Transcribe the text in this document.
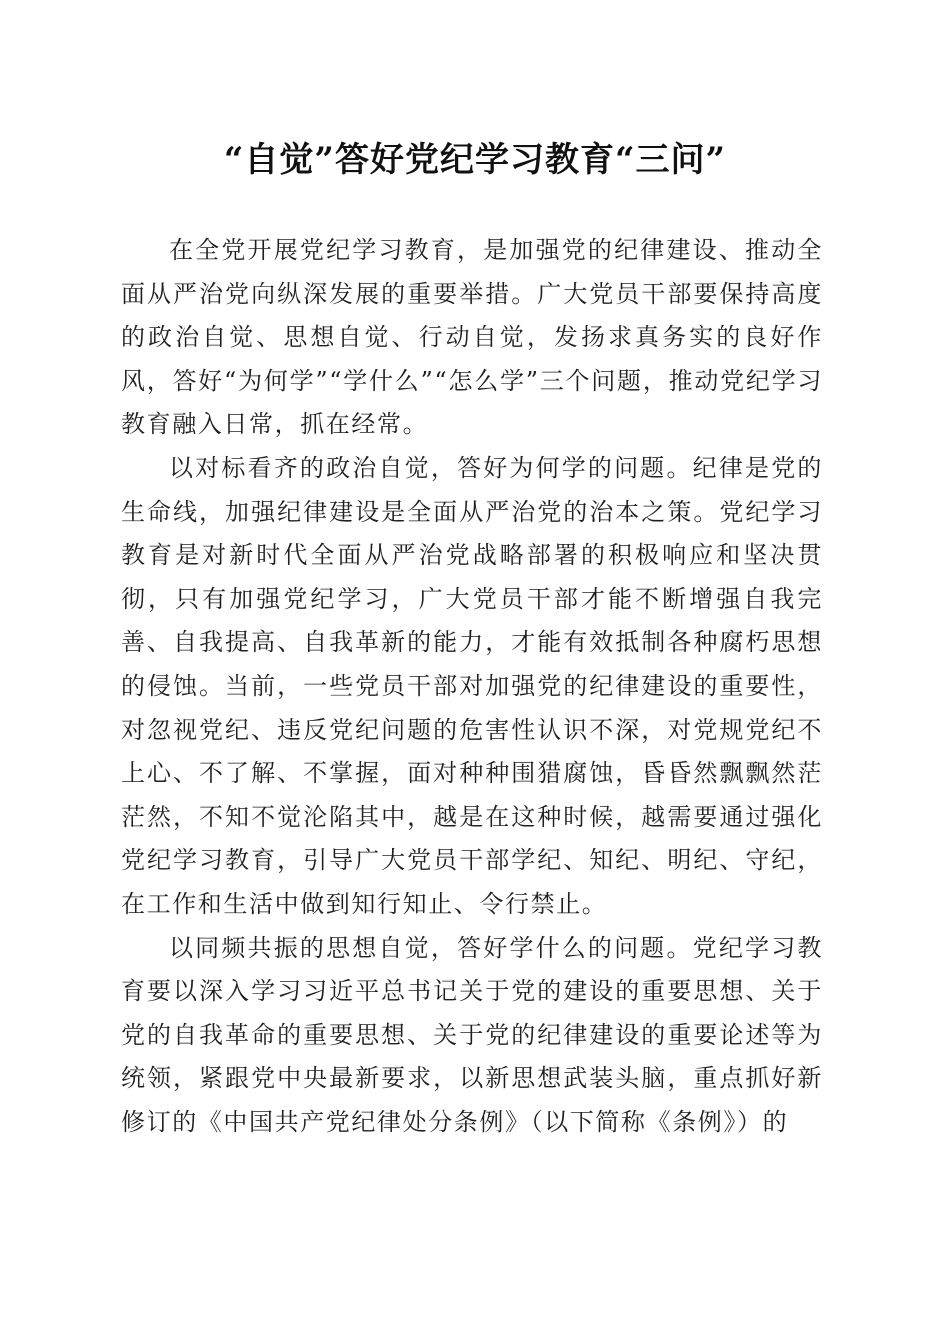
“自觉”答好党纪学习教育“三问”

在全党开展党纪学习教育，是加强党的纪律建设、推动全面从严治党向纵深发展的重要举措。广大党员干部要保持高度的政治自觉、思想自觉、行动自觉，发扬求真务实的良好作风，答好“为何学”“学什么”“怎么学”三个问题，推动党纪学习教育融入日常，抓在经常。

以对标看齐的政治自觉，答好为何学的问题。纪律是党的生命线，加强纪律建设是全面从严治党的治本之策。党纪学习教育是对新时代全面从严治党战略部署的积极响应和坚决贯彻，只有加强党纪学习，广大党员干部才能不断增强自我完善、自我提高、自我革新的能力，才能有效抵制各种腐朽思想的侵蚀。当前，一些党员干部对加强党的纪律建设的重要性，对忽视党纪、违反党纪问题的危害性认识不深，对党规党纪不上心、不了解、不掌握，面对种种围猎腐蚀，昏昏然飘飘然茫茫然，不知不觉沦陷其中，越是在这种时候，越需要通过强化党纪学习教育，引导广大党员干部学纪、知纪、明纪、守纪，在工作和生活中做到知行知止、令行禁止。

以同频共振的思想自觉，答好学什么的问题。党纪学习教育要以深入学习习近平总书记关于党的建设的重要思想、关于党的自我革命的重要思想、关于党的纪律建设的重要论述等为统领，紧跟党中央最新要求，以新思想武装头脑，重点抓好新修订的《中国共产党纪律处分条例》（以下简称《条例》）的
